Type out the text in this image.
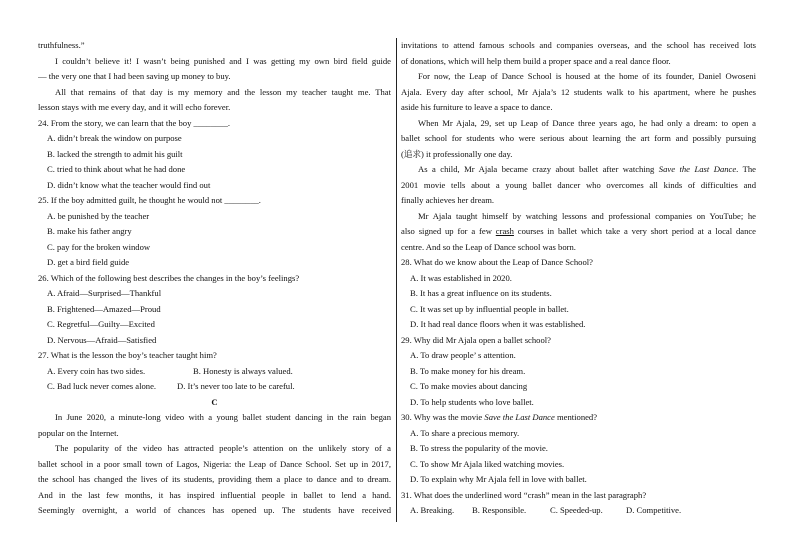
truthfulness.”

I couldn’t believe it! I wasn’t being punished and I was getting my own bird field guide

— the very one that I had been saving up money to buy.

All that remains of that day is my memory and the lesson my teacher taught me. That

lesson stays with me every day, and it will echo forever.

24. From the story, we can learn that the boy ________.

A. didn’t break the window on purpose

B. lacked the strength to admit his guilt

C. tried to think about what he had done

D. didn’t know what the teacher would find out

25. If the boy admitted guilt, he thought he would not ________.

A. be punished by the teacher

B. make his father angry

C. pay for the broken window

D. get a bird field guide

26. Which of the following best describes the changes in the boy’s feelings?

A. Afraid—Surprised—Thankful

B. Frightened—Amazed—Proud

C. Regretful—Guilty—Excited

D. Nervous—Afraid—Satisfied

27. What is the lesson the boy’s teacher taught him?

A. Every coin has two sides.	B. Honesty is always valued.

C. Bad luck never comes alone. D. It’s never too late to be careful.

C

In June 2020, a minute-long video with a young ballet student dancing in the rain began

popular on the Internet.

The popularity of the video has attracted people’s attention on the unlikely story of a

ballet school in a poor small town of Lagos, Nigeria: the Leap of Dance School. Set up in 2017,

the school has changed the lives of its students, providing them a place to dance and to dream.

And in the last few months, it has inspired influential people in ballet to lend a hand.

Seemingly overnight, a world of chances has opened up. The students have received

invitations to attend famous schools and companies overseas, and the school has received lots

of donations, which will help them build a proper space and a real dance floor.

For now, the Leap of Dance School is housed at the home of its founder, Daniel Owoseni

Ajala. Every day after school, Mr Ajala’s 12 students walk to his apartment, where he pushes

aside his furniture to leave a space to dance.

When Mr Ajala, 29, set up Leap of Dance three years ago, he had only a dream: to open a

ballet school for students who were serious about learning the art form and possibly pursuing

(追求) it professionally one day.

As a child, Mr Ajala became crazy about ballet after watching Save the Last Dance. The

2001 movie tells about a young ballet dancer who overcomes all kinds of difficulties and

finally achieves her dream.

Mr Ajala taught himself by watching lessons and professional companies on YouTube; he

also signed up for a few crash courses in ballet which take a very short period at a local dance

centre. And so the Leap of Dance school was born.

28. What do we know about the Leap of Dance School?

A. It was established in 2020.

B. It has a great influence on its students.

C. It was set up by influential people in ballet.

D. It had real dance floors when it was established.

29. Why did Mr Ajala open a ballet school?

A. To draw people’ s attention.

B. To make money for his dream.

C. To make movies about dancing

D. To help students who love ballet.

30. Why was the movie Save the Last Dance mentioned?

A. To share a precious memory.

B. To stress the popularity of the movie.

C. To show Mr Ajala liked watching movies.

D. To explain why Mr Ajala fell in love with ballet.

31. What does the underlined word “crash” mean in the last paragraph?

A. Breaking. B. Responsible.	C. Speeded-up.	D. Competitive.
